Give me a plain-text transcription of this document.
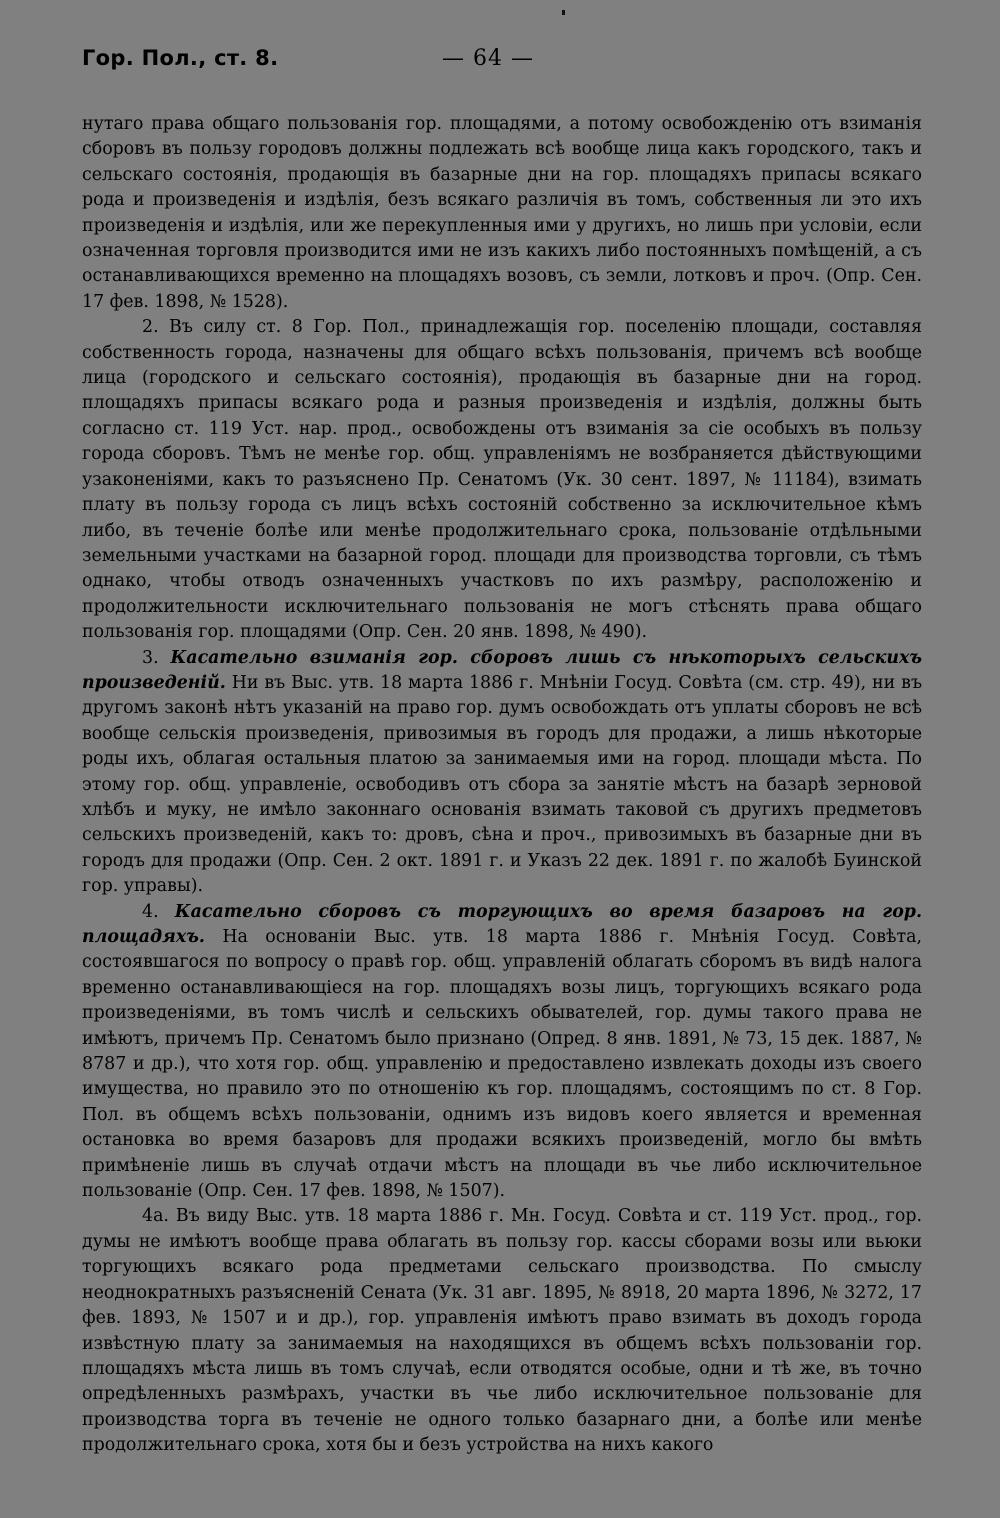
Гор. Пол., ст. 8.	— 64 —

нутаго права общаго пользованія гор. площадями, а потому освобожденію отъ взиманія сборовъ въ пользу городовъ должны подлежать всѣ вообще лица какъ городского, такъ и сельскаго состоянія, продающія въ базарные дни на гор. площадяхъ припасы всякаго рода и произведенія и издѣлія, безъ всякаго различія въ томъ, собственныя ли это ихъ произведенія и издѣлія, или же перекупленныя ими у другихъ, но лишь при условіи, если означенная торговля производится ими не изъ какихъ либо постоянныхъ помѣщеній, а съ останавливающихся временно на площадяхъ возовъ, съ земли, лотковъ и проч. (Опр. Сен. 17 фев. 1898, № 1528).

2. Въ силу ст. 8 Гор. Пол., принадлежащія гор. поселенію площади, составляя собственность города, назначены для общаго всѣхъ пользованія, причемъ всѣ вообще лица (городского и сельскаго состоянія), продающія въ базарные дни на город. площадяхъ припасы всякаго рода и разныя произведенія и издѣлія, должны быть согласно ст. 119 Уст. нар. прод., освобождены отъ взиманія за сіе особыхъ въ пользу города сборовъ. Тѣмъ не менѣе гор. общ. управленіямъ не возбраняется дѣйствующими узаконеніями, какъ то разъяснено Пр. Сенатомъ (Ук. 30 сент. 1897, № 11184), взимать плату въ пользу города съ лицъ всѣхъ состояній собственно за исключительное кѣмъ либо, въ теченіе болѣе или менѣе продолжительнаго срока, пользованіе отдѣльными земельными участками на базарной город. площади для производства торговли, съ тѣмъ однако, чтобы отводъ означенныхъ участковъ по ихъ размѣру, расположенію и продолжительности исключительнаго пользованія не могъ стѣснять права общаго пользованія гор. площадями (Опр. Сен. 20 янв. 1898, № 490).

3. Касательно взиманія гор. сборовъ лишь съ нѣкоторыхъ сельскихъ произведеній. Ни въ Выс. утв. 18 марта 1886 г. Мнѣніи Госуд. Совѣта (см. стр. 49), ни въ другомъ законѣ нѣтъ указаній на право гор. думъ освобождать отъ уплаты сборовъ не всѣ вообще сельскія произведенія, привозимыя въ городъ для продажи, а лишь нѣкоторые роды ихъ, облагая остальныя платою за занимаемыя ими на город. площади мѣста. По этому гор. общ. управленіе, освободивъ отъ сбора за занятіе мѣстъ на базарѣ зерновой хлѣбъ и муку, не имѣло законнаго основанія взимать таковой съ другихъ предметовъ сельскихъ произведеній, какъ то: дровъ, сѣна и проч., привозимыхъ въ базарные дни въ городъ для продажи (Опр. Сен. 2 окт. 1891 г. и Указъ 22 дек. 1891 г. по жалобѣ Буинской гор. управы).

4. Касательно сборовъ съ торгующихъ во время базаровъ на гор. площадяхъ. На основаніи Выс. утв. 18 марта 1886 г. Мнѣнія Госуд. Совѣта, состоявшагося по вопросу о правѣ гор. общ. управленій облагать сборомъ въ видѣ налога временно останавливающіеся на гор. площадяхъ возы лицъ, торгующихъ всякаго рода произведеніями, въ томъ числѣ и сельскихъ обывателей, гор. думы такого права не имѣютъ, причемъ Пр. Сенатомъ было признано (Опред. 8 янв. 1891, № 73, 15 дек. 1887, № 8787 и др.), что хотя гор. общ. управленію и предоставлено извлекать доходы изъ своего имущества, но правило это по отношенію къ гор. площадямъ, состоящимъ по ст. 8 Гор. Пол. въ общемъ всѣхъ пользованіи, однимъ изъ видовъ коего является и временная остановка во время базаровъ для продажи всякихъ произведеній, могло бы вмѣть примѣненіе лишь въ случаѣ отдачи мѣстъ на площади въ чье либо исключительное пользованіе (Опр. Сен. 17 фев. 1898, № 1507).

4а. Въ виду Выс. утв. 18 марта 1886 г. Мн. Госуд. Совѣта и ст. 119 Уст. прод., гор. думы не имѣютъ вообще права облагать въ пользу гор. кассы сборами возы или вьюки торгующихъ всякаго рода предметами сельскаго производства. По смыслу неоднократныхъ разъясненій Сената (Ук. 31 авг. 1895, № 8918, 20 марта 1896, № 3272, 17 фев. 1893, № 1507 и и др.), гор. управленія имѣютъ право взимать въ доходъ города извѣстную плату за занимаемыя на находящихся въ общемъ всѣхъ пользованіи гор. площадяхъ мѣста лишь въ томъ случаѣ, если отводятся особые, одни и тѣ же, въ точно опредѣленныхъ размѣрахъ, участки въ чье либо исключительное пользованіе для производства торга въ теченіе не одного только базарнаго дни, а болѣе или менѣе продолжительнаго срока, хотя бы и безъ устройства на нихъ какого
